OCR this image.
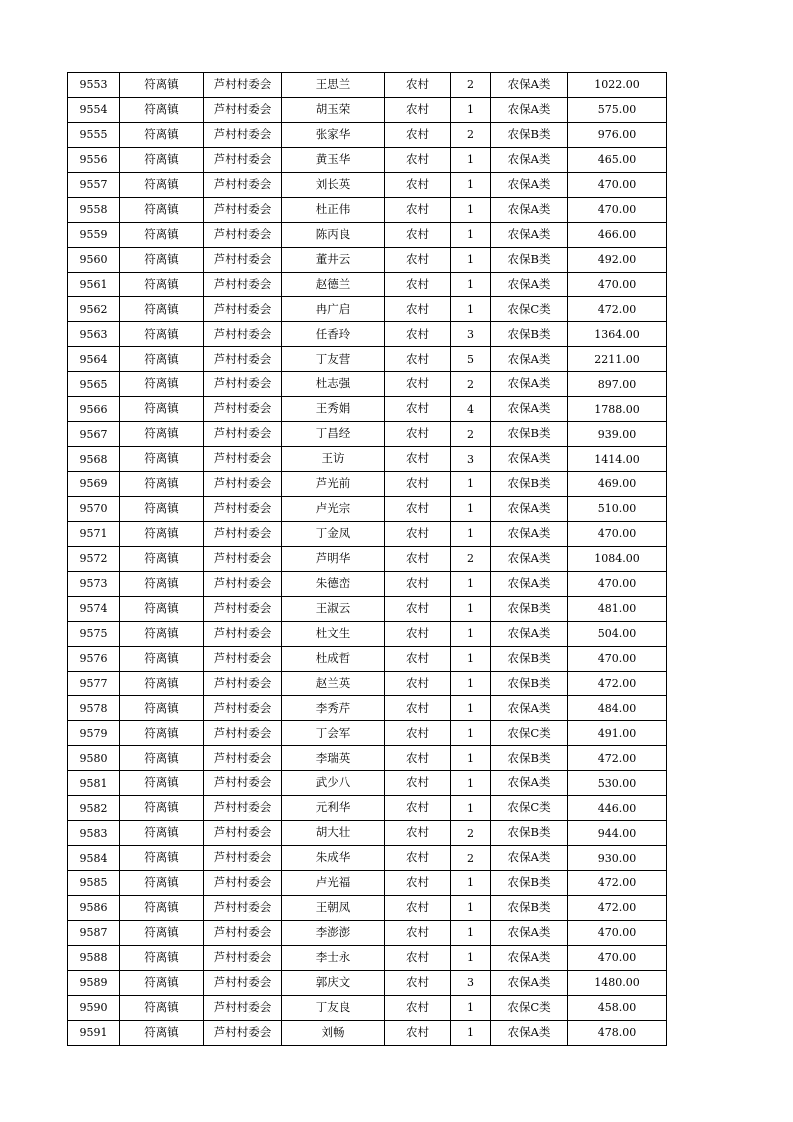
9553	符离镇	芦村村委会	王思兰	农村	2	农保A类	1022.00
9554	符离镇	芦村村委会	胡玉荣	农村	1	农保A类	575.00
9555	符离镇	芦村村委会	张家华	农村	2	农保B类	976.00
9556	符离镇	芦村村委会	黄玉华	农村	1	农保A类	465.00
9557	符离镇	芦村村委会	刘长英	农村	1	农保A类	470.00
9558	符离镇	芦村村委会	杜正伟	农村	1	农保A类	470.00
9559	符离镇	芦村村委会	陈丙良	农村	1	农保A类	466.00
9560	符离镇	芦村村委会	董井云	农村	1	农保B类	492.00
9561	符离镇	芦村村委会	赵德兰	农村	1	农保A类	470.00
9562	符离镇	芦村村委会	冉广启	农村	1	农保C类	472.00
9563	符离镇	芦村村委会	任香玲	农村	3	农保B类	1364.00
9564	符离镇	芦村村委会	丁友营	农村	5	农保A类	2211.00
9565	符离镇	芦村村委会	杜志强	农村	2	农保A类	897.00
9566	符离镇	芦村村委会	王秀娟	农村	4	农保A类	1788.00
9567	符离镇	芦村村委会	丁昌经	农村	2	农保B类	939.00
9568	符离镇	芦村村委会	王访	农村	3	农保A类	1414.00
9569	符离镇	芦村村委会	芦光前	农村	1	农保B类	469.00
9570	符离镇	芦村村委会	卢光宗	农村	1	农保A类	510.00
9571	符离镇	芦村村委会	丁金凤	农村	1	农保A类	470.00
9572	符离镇	芦村村委会	芦明华	农村	2	农保A类	1084.00
9573	符离镇	芦村村委会	朱德峦	农村	1	农保A类	470.00
9574	符离镇	芦村村委会	王淑云	农村	1	农保B类	481.00
9575	符离镇	芦村村委会	杜文生	农村	1	农保A类	504.00
9576	符离镇	芦村村委会	杜成哲	农村	1	农保B类	470.00
9577	符离镇	芦村村委会	赵兰英	农村	1	农保B类	472.00
9578	符离镇	芦村村委会	李秀芹	农村	1	农保A类	484.00
9579	符离镇	芦村村委会	丁会军	农村	1	农保C类	491.00
9580	符离镇	芦村村委会	李瑞英	农村	1	农保B类	472.00
9581	符离镇	芦村村委会	武少八	农村	1	农保A类	530.00
9582	符离镇	芦村村委会	元利华	农村	1	农保C类	446.00
9583	符离镇	芦村村委会	胡大壮	农村	2	农保B类	944.00
9584	符离镇	芦村村委会	朱成华	农村	2	农保A类	930.00
9585	符离镇	芦村村委会	卢光福	农村	1	农保B类	472.00
9586	符离镇	芦村村委会	王朝凤	农村	1	农保B类	472.00
9587	符离镇	芦村村委会	李澎澎	农村	1	农保A类	470.00
9588	符离镇	芦村村委会	李士永	农村	1	农保A类	470.00
9589	符离镇	芦村村委会	郭庆文	农村	3	农保A类	1480.00
9590	符离镇	芦村村委会	丁友良	农村	1	农保C类	458.00
9591	符离镇	芦村村委会	刘畅	农村	1	农保A类	478.00
